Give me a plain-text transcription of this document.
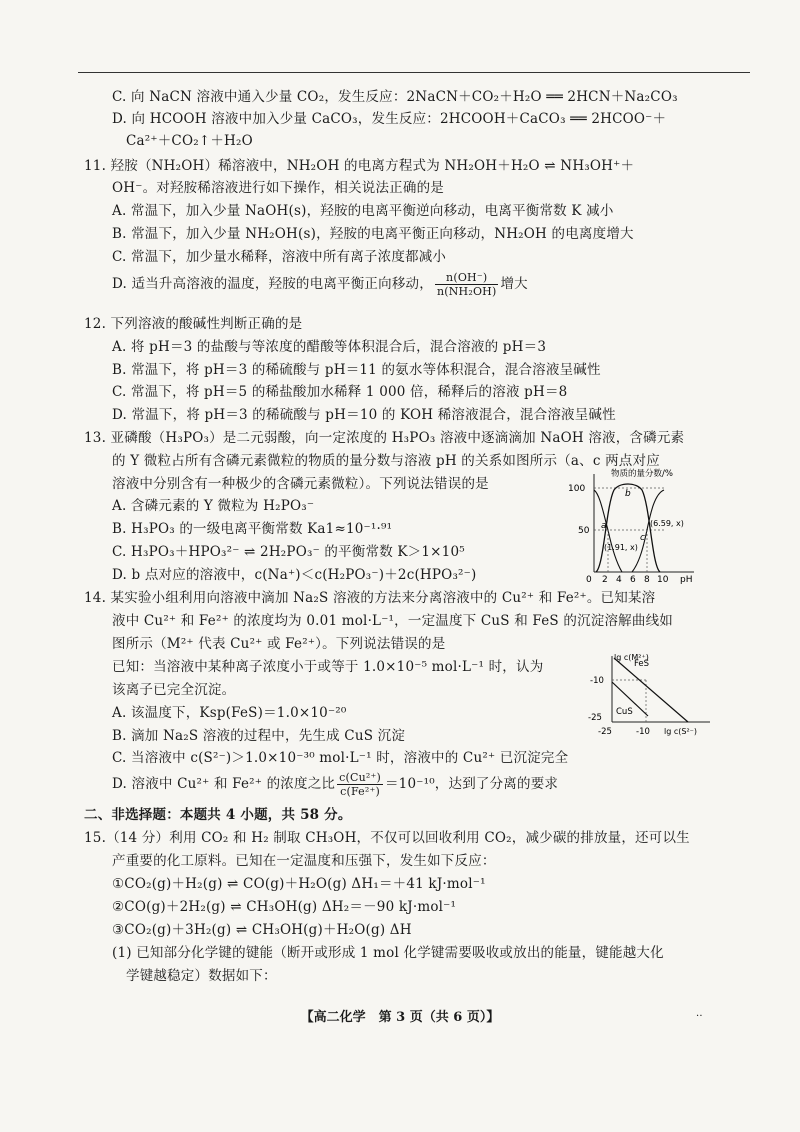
C. 向 NaCN 溶液中通入少量 CO₂，发生反应：2NaCN＋CO₂＋H₂O ══ 2HCN＋Na₂CO₃
D. 向 HCOOH 溶液中加入少量 CaCO₃，发生反应：2HCOOH＋CaCO₃ ══ 2HCOO⁻＋
Ca²⁺＋CO₂↑＋H₂O
11. 羟胺（NH₂OH）稀溶液中，NH₂OH 的电离方程式为 NH₂OH＋H₂O ⇌ NH₃OH⁺＋
OH⁻。对羟胺稀溶液进行如下操作，相关说法正确的是
A. 常温下，加入少量 NaOH(s)，羟胺的电离平衡逆向移动，电离平衡常数 K 减小
B. 常温下，加入少量 NH₂OH(s)，羟胺的电离平衡正向移动，NH₂OH 的电离度增大
C. 常温下，加少量水稀释，溶液中所有离子浓度都减小
D. 适当升高溶液的温度，羟胺的电离平衡正向移动， $\frac{n(OH^-)}{\text{n(NH₂OH)}}$ 增大
12. 下列溶液的酸碱性判断正确的是
A. 将 pH＝3 的盐酸与等浓度的醋酸等体积混合后，混合溶液的 pH＝3
B. 常温下，将 pH＝3 的稀硫酸与 pH＝11 的氨水等体积混合，混合溶液呈碱性
C. 常温下，将 pH＝5 的稀盐酸加水稀释 1 000 倍，稀释后的溶液 pH＝8
D. 常温下，将 pH＝3 的稀硫酸与 pH＝10 的 KOH 稀溶液混合，混合溶液呈碱性
13. 亚磷酸（H₃PO₃）是二元弱酸，向一定浓度的 H₃PO₃ 溶液中逐滴滴加 NaOH 溶液，含磷元素
的 Y 微粒占所有含磷元素微粒的物质的量分数与溶液 pH 的关系如图所示（a、c 两点对应
溶液中分别含有一种极少的含磷元素微粒）。下列说法错误的是
A. 含磷元素的 Y 微粒为 H₂PO₃⁻
B. H₃PO₃ 的一级电离平衡常数 Ka1≈10⁻¹·⁹¹
C. H₃PO₃＋HPO₃²⁻ ⇌ 2H₂PO₃⁻ 的平衡常数 K＞1×10⁵
D. b 点对应的溶液中，c(Na⁺)＜c(H₂PO₃⁻)＋2c(HPO₃²⁻)
物质的量分数/%
100
50
0 2 4 6 8 10 pH
a
b
c
(1.91, x)
(6.59, x)
14. 某实验小组利用向溶液中滴加 Na₂S 溶液的方法来分离溶液中的 Cu²⁺ 和 Fe²⁺。已知某溶
液中 Cu²⁺ 和 Fe²⁺ 的浓度均为 0.01 mol·L⁻¹，一定温度下 CuS 和 FeS 的沉淀溶解曲线如
图所示（M²⁺ 代表 Cu²⁺ 或 Fe²⁺）。下列说法错误的是
已知：当溶液中某种离子浓度小于或等于 1.0×10⁻⁵ mol·L⁻¹ 时，认为
该离子已完全沉淀。
A. 该温度下，Ksp(FeS)＝1.0×10⁻²⁰
B. 滴加 Na₂S 溶液的过程中，先生成 CuS 沉淀
C. 当溶液中 c(S²⁻)＞1.0×10⁻³⁰ mol·L⁻¹ 时，溶液中的 Cu²⁺ 已沉淀完全
D. 溶液中 Cu²⁺ 和 Fe²⁺ 的浓度之比 $\frac{\text{c(Cu²⁺)}}{\text{c(Fe²⁺)}} =10^{-10}$，达到了分离的要求
lg c(M²⁺)
FeS
CuS
-10
-25
-25	-10 lg c(S²⁻)
二、非选择题：本题共 4 小题，共 58 分。
15.（14 分）利用 CO₂ 和 H₂ 制取 CH₃OH，不仅可以回收利用 CO₂，减少碳的排放量，还可以生
产重要的化工原料。已知在一定温度和压强下，发生如下反应：
①CO₂(g)＋H₂(g) ⇌ CO(g)＋H₂O(g) ΔH₁＝＋41 kJ·mol⁻¹
②CO(g)＋2H₂(g) ⇌ CH₃OH(g) ΔH₂＝－90 kJ·mol⁻¹
③CO₂(g)＋3H₂(g) ⇌ CH₃OH(g)＋H₂O(g) ΔH
(1) 已知部分化学键的键能（断开或形成 1 mol 化学键需要吸收或放出的能量，键能越大化
学键越稳定）数据如下：
【高二化学　第 3 页（共 6 页）】	··
